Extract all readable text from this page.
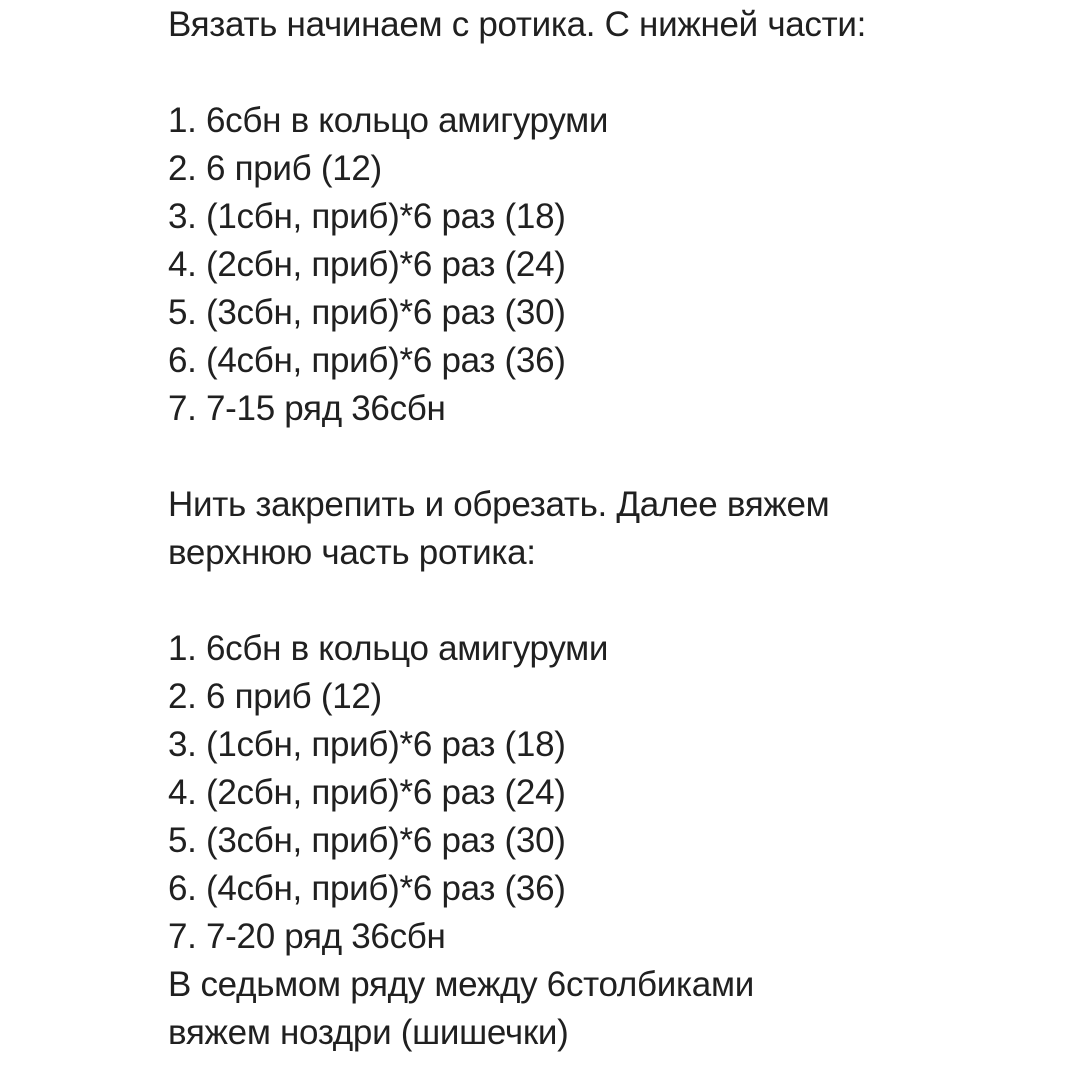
Вязать начинаем с ротика. С нижней части:
1. 6сбн в кольцо амигуруми
2. 6 приб (12)
3. (1сбн, приб)*6 раз (18)
4. (2сбн, приб)*6 раз (24)
5. (3сбн, приб)*6 раз (30)
6. (4сбн, приб)*6 раз (36)
7. 7-15 ряд 36сбн
Нить закрепить и обрезать. Далее вяжем
верхнюю часть ротика:
1. 6сбн в кольцо амигуруми
2. 6 приб (12)
3. (1сбн, приб)*6 раз (18)
4. (2сбн, приб)*6 раз (24)
5. (3сбн, приб)*6 раз (30)
6. (4сбн, приб)*6 раз (36)
7. 7-20 ряд 36сбн
В седьмом ряду между 6столбиками
вяжем ноздри (шишечки)
